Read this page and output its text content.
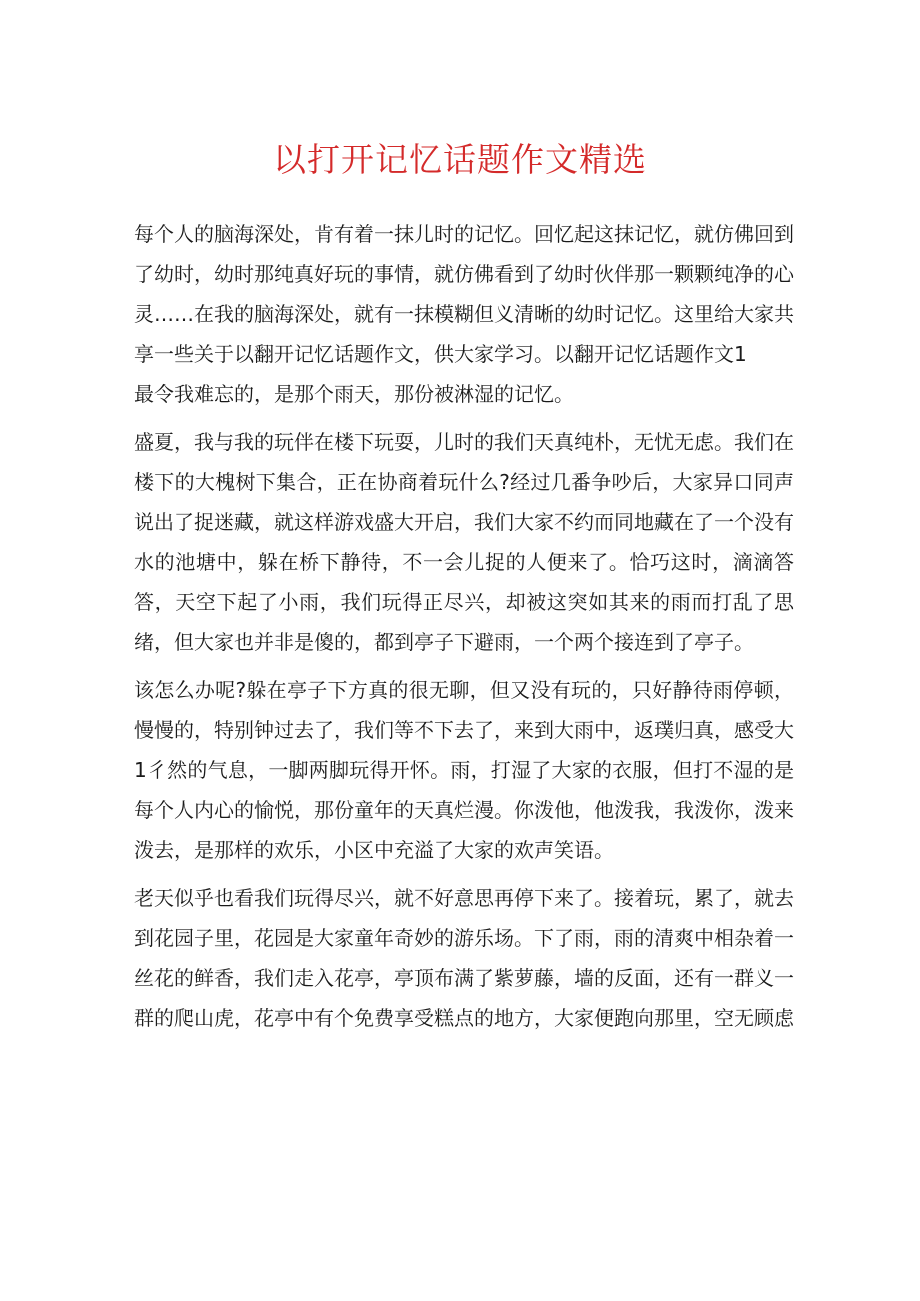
以打开记忆话题作文精选

每个人的脑海深处，肯有着一抹儿时的记忆。回忆起这抹记忆，就仿佛回到了幼时，幼时那纯真好玩的事情，就仿佛看到了幼时伙伴那一颗颗纯净的心灵……在我的脑海深处，就有一抹模糊但义清晰的幼时记忆。这里给大家共享一些关于以翻开记忆话题作文，供大家学习。以翻开记忆话题作文1

最令我难忘的，是那个雨天，那份被淋湿的记忆。

盛夏，我与我的玩伴在楼下玩耍，儿时的我们天真纯朴，无忧无虑。我们在楼下的大槐树下集合，正在协商着玩什么?经过几番争吵后，大家异口同声说出了捉迷藏，就这样游戏盛大开启，我们大家不约而同地藏在了一个没有水的池塘中，躲在桥下静待，不一会儿捉的人便来了。恰巧这时，滴滴答答，天空下起了小雨，我们玩得正尽兴，却被这突如其来的雨而打乱了思绪，但大家也并非是傻的，都到亭子下避雨，一个两个接连到了亭子。

该怎么办呢?躲在亭子下方真的很无聊，但又没有玩的，只好静待雨停顿，慢慢的，特别钟过去了，我们等不下去了，来到大雨中，返璞归真，感受大1彳然的气息，一脚两脚玩得开怀。雨，打湿了大家的衣服，但打不湿的是每个人内心的愉悦，那份童年的天真烂漫。你泼他，他泼我，我泼你，泼来泼去，是那样的欢乐，小区中充溢了大家的欢声笑语。

老天似乎也看我们玩得尽兴，就不好意思再停下来了。接着玩，累了，就去到花园子里，花园是大家童年奇妙的游乐场。下了雨，雨的清爽中相杂着一丝花的鲜香，我们走入花亭，亭顶布满了紫萝藤，墙的反面，还有一群义一群的爬山虎，花亭中有个免费享受糕点的地方，大家便跑向那里，空无顾虑
